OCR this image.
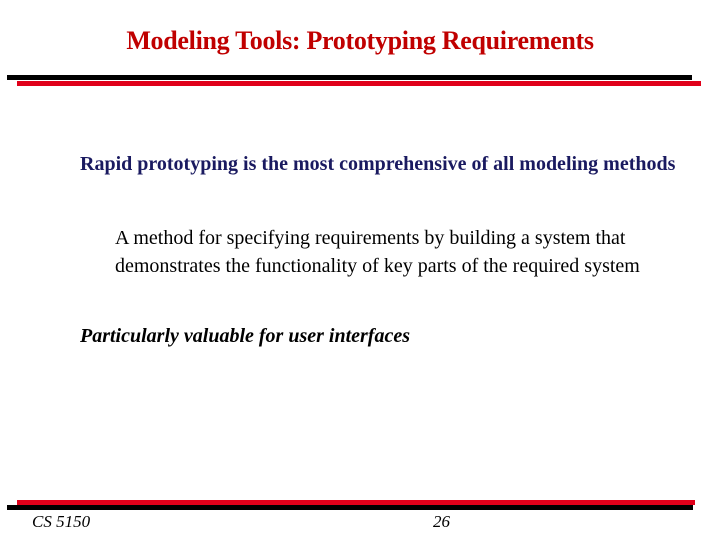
Modeling Tools: Prototyping Requirements
Rapid prototyping is the most comprehensive of all modeling methods
A method for specifying requirements by building a system that demonstrates the functionality of key parts of the required system
Particularly valuable for user interfaces
CS 5150	26
